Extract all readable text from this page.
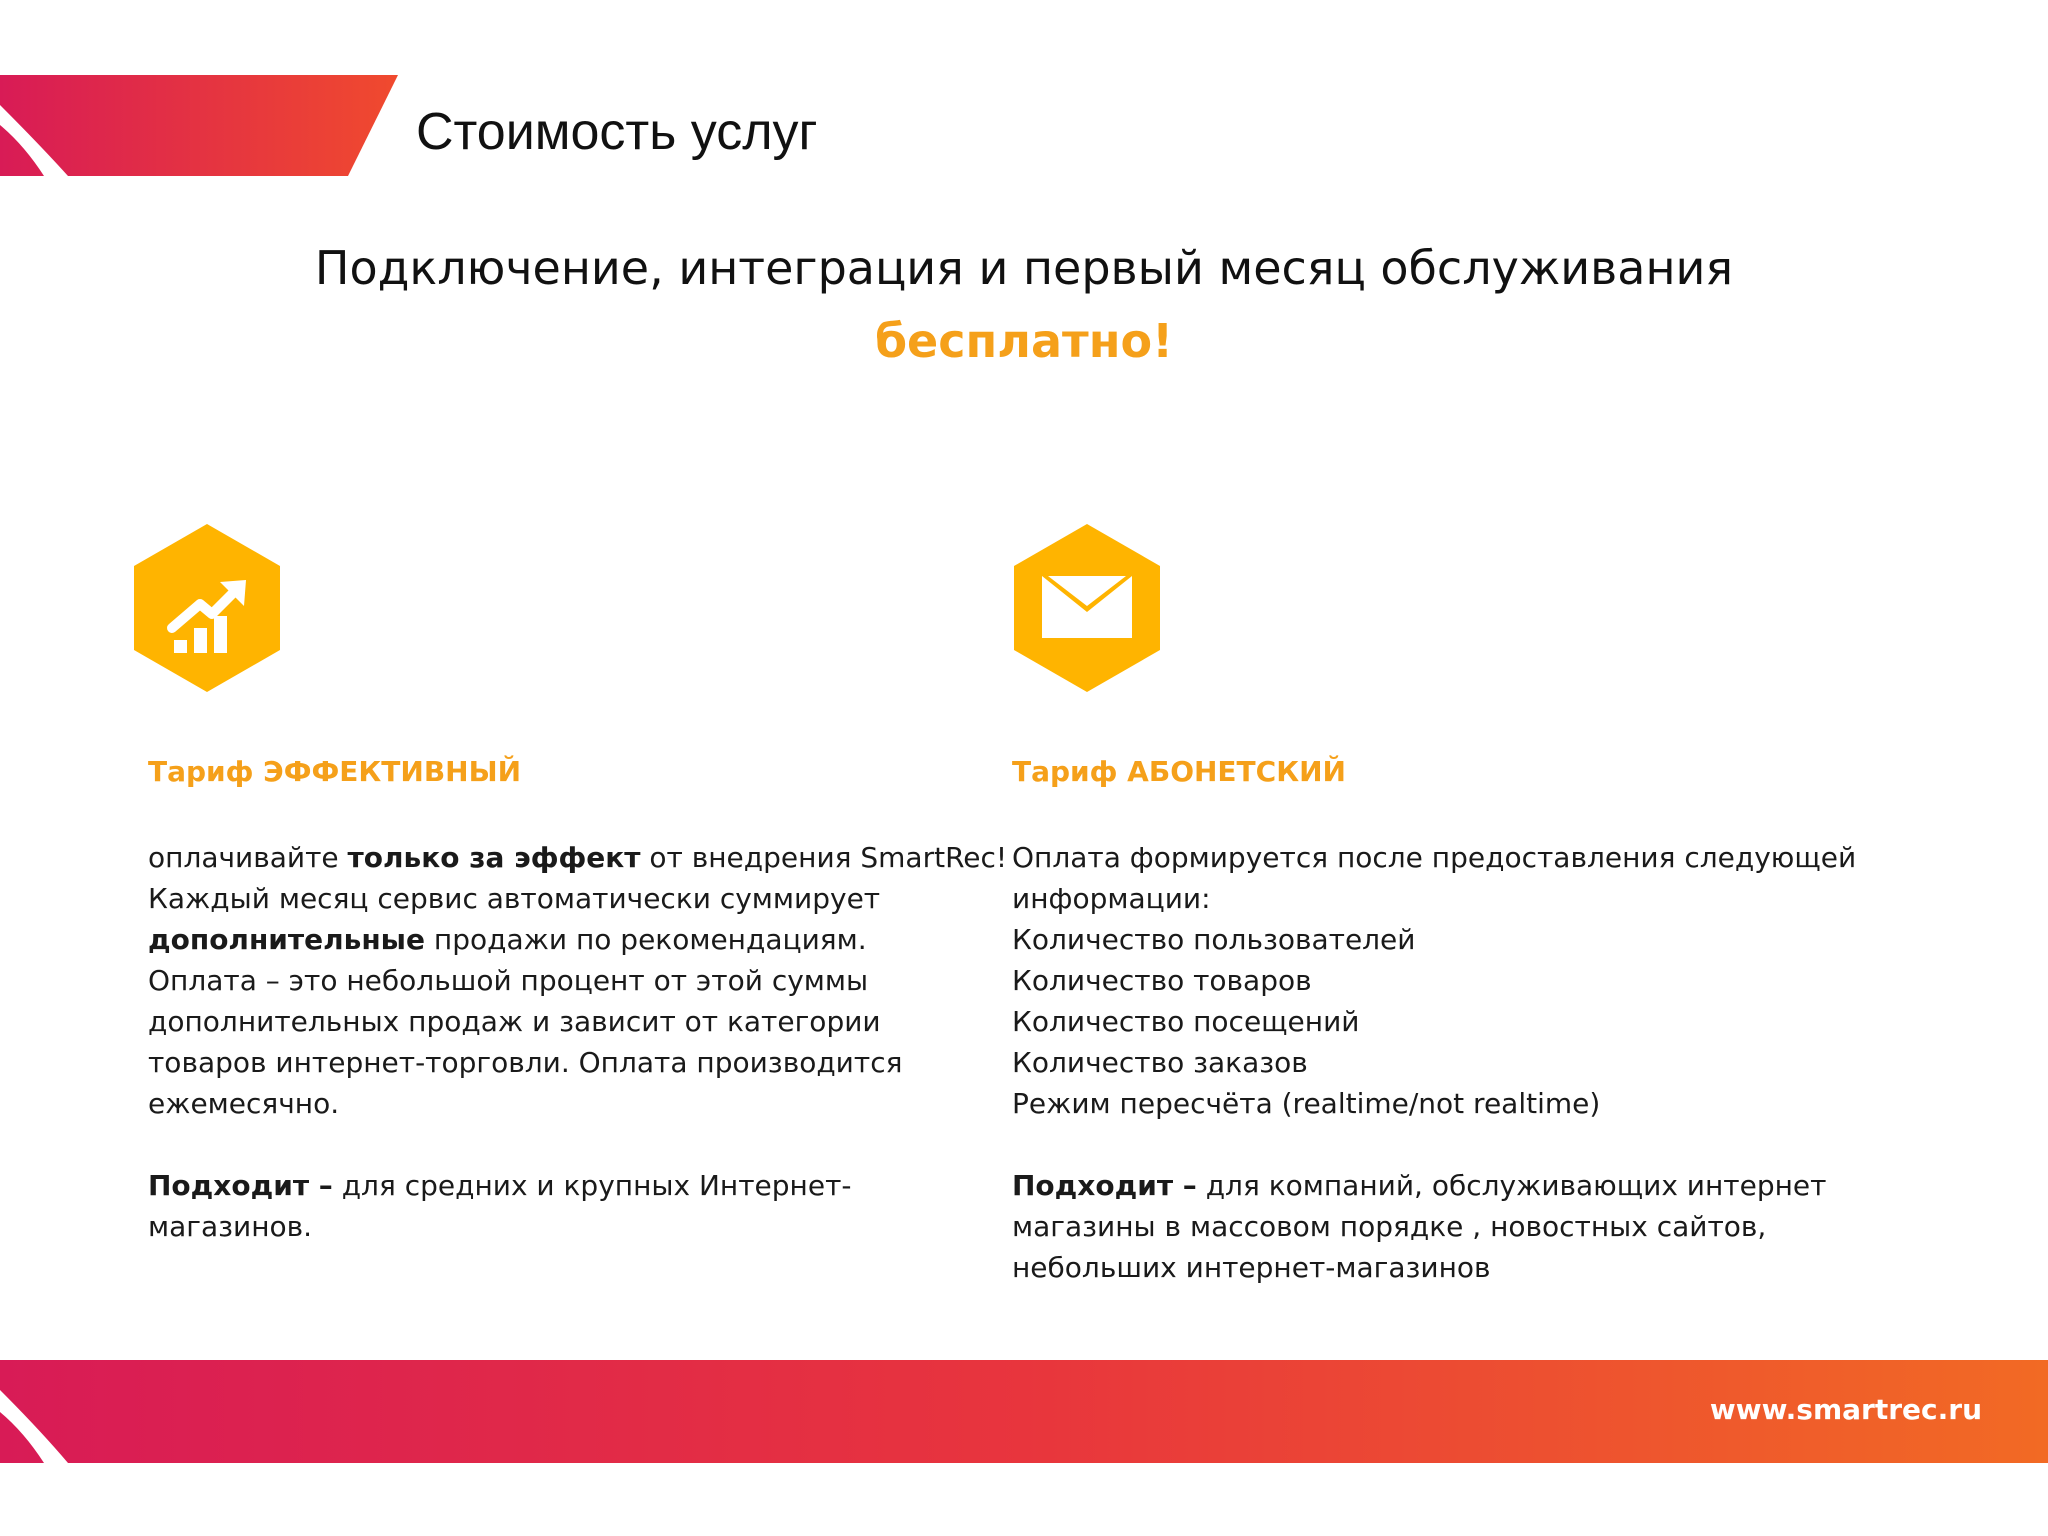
Стоимость услуг

Подключение, интеграция и первый месяц обслуживания

бесплатно!

Тариф ЭФФЕКТИВНЫЙ

оплачивайте только за эффект от внедрения SmartRec!

Каждый месяц сервис автоматически суммирует

дополнительные продажи по рекомендациям.

Оплата – это небольшой процент от этой суммы

дополнительных продаж и зависит от категории

товаров интернет-торговли. Оплата производится

ежемесячно.

Подходит – для средних и крупных Интернет-

магазинов.

Тариф АБОНЕТСКИЙ

Оплата формируется после предоставления следующей

информации:

Количество пользователей

Количество товаров

Количество посещений

Количество заказов

Режим пересчёта (realtime/not realtime)

Подходит – для компаний, обслуживающих интернет

магазины в массовом порядке , новостных сайтов,

небольших интернет-магазинов

www.smartrec.ru
